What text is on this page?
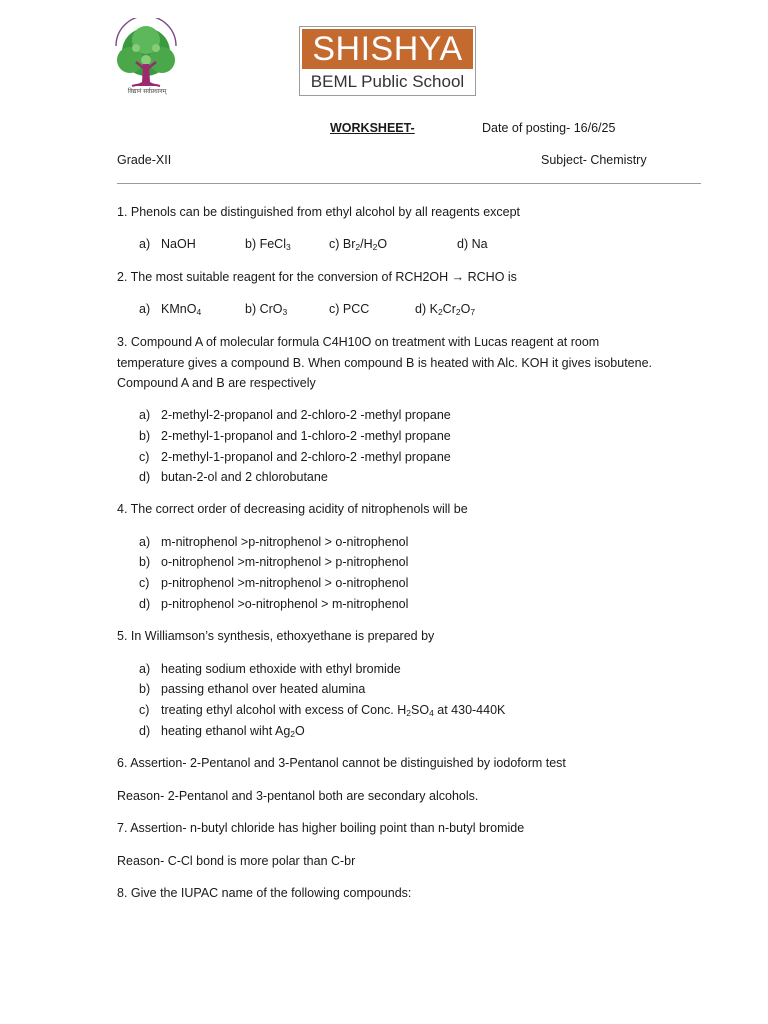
विद्यानं सर्वप्रधानम्
SHISHYA
BEML Public School
WORKSHEET-	Date of posting- 16/6/25
Grade-XII	Subject- Chemistry
1. Phenols can be distinguished from ethyl alcohol by all reagents except
a) NaOH	b) FeCl$_3$	c) $Br_2/H_2O$	d) Na
2. The most suitable reagent for the conversion of RCH2OH → RCHO is
a) KMnO$_4$	b) CrO$_3$	c) PCC	d) $K_2Cr_2O_7$
3. Compound A of molecular formula C4H10O on treatment with Lucas reagent at room
temperature gives a compound B. When compound B is heated with Alc. KOH it gives isobutene.
Compound A and B are respectively
a) 2-methyl-2-propanol and 2-chloro-2 -methyl propane
b) 2-methyl-1-propanol and 1-chloro-2 -methyl propane
c) 2-methyl-1-propanol and 2-chloro-2 -methyl propane
d) butan-2-ol and 2 chlorobutane
4. The correct order of decreasing acidity of nitrophenols will be
a) m-nitrophenol >p-nitrophenol > o-nitrophenol
b) o-nitrophenol >m-nitrophenol > p-nitrophenol
c) p-nitrophenol >m-nitrophenol > o-nitrophenol
d) p-nitrophenol >o-nitrophenol > m-nitrophenol
5. In Williamson’s synthesis, ethoxyethane is prepared by
a) heating sodium ethoxide with ethyl bromide
b) passing ethanol over heated alumina
c) treating ethyl alcohol with excess of Conc. $H_2SO_4$ at 430-440K
d) heating ethanol wiht $Ag_2O$
6. Assertion- 2-Pentanol and 3-Pentanol cannot be distinguished by iodoform test
Reason- 2-Pentanol and 3-pentanol both are secondary alcohols.
7. Assertion- n-butyl chloride has higher boiling point than n-butyl bromide
Reason- C-Cl bond is more polar than C-br
8. Give the IUPAC name of the following compounds:
